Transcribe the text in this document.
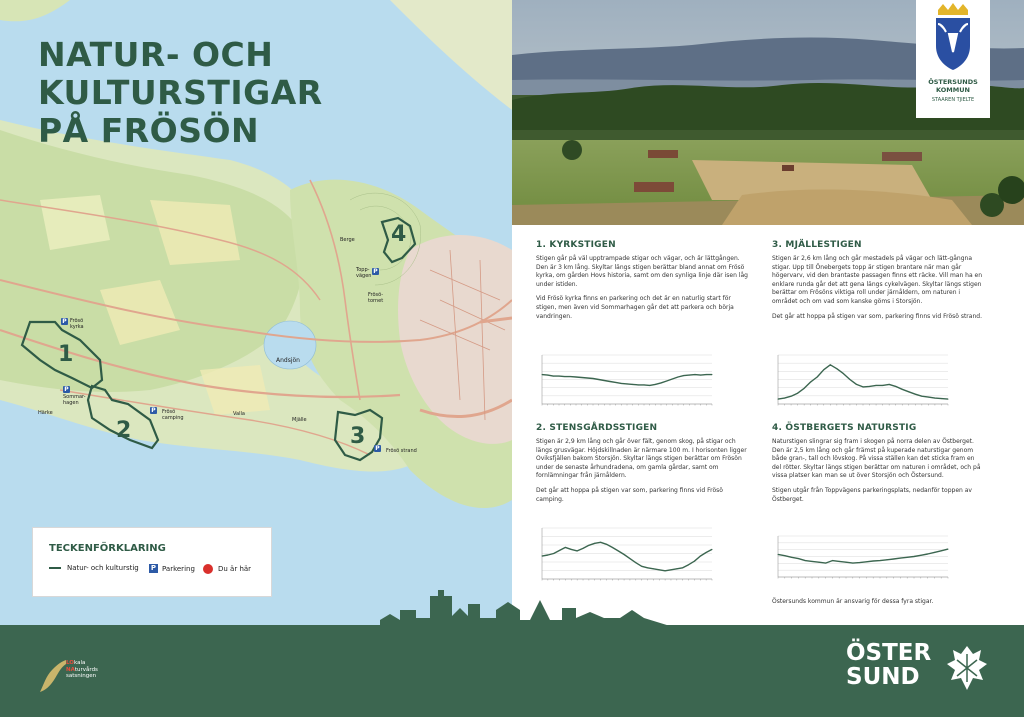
NATUR- OCH
KULTURSTIGAR
PÅ FRÖSÖN
Frösö kyrka
Sommar-hagen
Härke	Frösö camping
Valla
Mjälle
Andsjön
Berge
Topp-vägen
Frösö-tornet
Frösö strand
P
P
P
P
P
1
2	3
4
TECKENFÖRKLARING
Natur- och kulturstig P Parkering	Du är här
ÖSTERSUNDS
KOMMUN
STAAREN TJIELTE
1. KYRKSTIGEN

Stigen går på väl upptrampade stigar och vägar, och är lättgången. Den är 3 km lång. Skyltar längs stigen berättar bland annat om Frösö kyrka, om gården Hovs historia, samt om den synliga linje där isen låg under istiden.

Vid Frösö kyrka finns en parkering och det är en naturlig start för stigen, men även vid Sommarhagen går det att parkera och börja vandringen.

2. STENSGÅRDSSTIGEN

Stigen är 2,9 km lång och går över fält, genom skog, på stigar och längs grusvägar. Höjdskillnaden är närmare 100 m. I horisonten ligger Oviksfjällen bakom Storsjön. Skyltar längs stigen berättar om Frösön under de senaste århundradena, om gamla gårdar, samt om fornlämningar från järnåldern.

Det går att hoppa på stigen var som, parkering finns vid Frösö camping.

3. MJÄLLESTIGEN

Stigen är 2,6 km lång och går mestadels på vägar och lätt-gångna stigar. Upp till Önebergets topp är stigen brantare när man går högervarv, vid den brantaste passagen finns ett räcke. Vill man ha en enklare runda går det att gena längs cykelvägen. Skyltar längs stigen berättar om Frösöns viktiga roll under järnåldern, om naturen i området och om vad som kanske göms i Storsjön.

Det går att hoppa på stigen var som, parkering finns vid Frösö strand.

4. ÖSTBERGETS NATURSTIG

Naturstigen slingrar sig fram i skogen på norra delen av Östberget. Den är 2,5 km lång och går främst på kuperade naturstigar genom både gran-, tall och lövskog. På vissa ställen kan det sticka fram en del rötter. Skyltar längs stigen berättar om naturen i området, och på vissa platser kan man se ut över Storsjön och Östersund.

Stigen utgår från Toppvägens parkeringsplats, nedanför toppen av Östberget.

Östersunds kommun är ansvarig för dessa fyra stigar.
LOkala
NAturvårds
satsningen
ÖSTER
SUND
